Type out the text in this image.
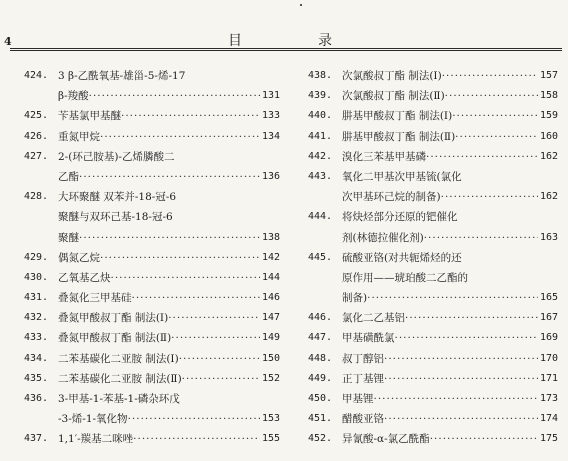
4	目	录
424. 3 β-乙酰氧基-雄甾-5-烯-17
β-羧酸 ·····	131
425. 苄基氯甲基醚 ·····	133
426. 重氮甲烷 ·····	134
427. 2-(环己胺基)-乙烯膦酸二
乙酯 ·····	136
428. 大环聚醚 双苯并-18-冠-6
聚醚与双环己基-18-冠-6
聚醚 ·····	138
429. 偶氮乙烷 ·····	142
430. 乙氧基乙炔 ·····	144
431. 叠氮化三甲基硅 ·····	146
432. 叠氮甲酸叔丁酯 制法(Ⅰ) ·····	147
433. 叠氮甲酸叔丁酯 制法(Ⅱ) ·····	149
434. 二苯基碳化二亚胺 制法(Ⅰ) ·····	150
435. 二苯基碳化二亚胺 制法(Ⅱ) ·····	152
436. 3-甲基-1-苯基-1-磷杂环戊
-3-烯-1-氧化物 ·····	153
437. 1,1′-羰基二咪唑 ·····	155
438. 次氯酸叔丁酯 制法(Ⅰ) ·····	157
439. 次氯酸叔丁酯 制法(Ⅱ) ·····	158
440. 肼基甲酸叔丁酯 制法(Ⅰ) ·····	159
441. 肼基甲酸叔丁酯 制法(Ⅱ) ·····	160
442. 溴化三苯基甲基磷 ·····	162
443. 氧化二甲基次甲基锍(氯化
次甲基环己烷的制备) ·····	162
444. 将炔烃部分还原的钯催化
剂(林德拉催化剂) ·····	163
445. 硫酸亚铬(对共轭烯烃的还
原作用——琥珀酸二乙酯的
制备) ·····	165
446. 氯化二乙基铝 ·····	167
447. 甲基磺酰氯 ·····	169
448. 叔丁醇铝 ·····	170
449. 正丁基锂 ·····	171
450. 甲基锂 ·····	173
451. 醋酸亚铬 ·····	174
452. 异氰酸-α-氯乙酰酯 ·····	175
